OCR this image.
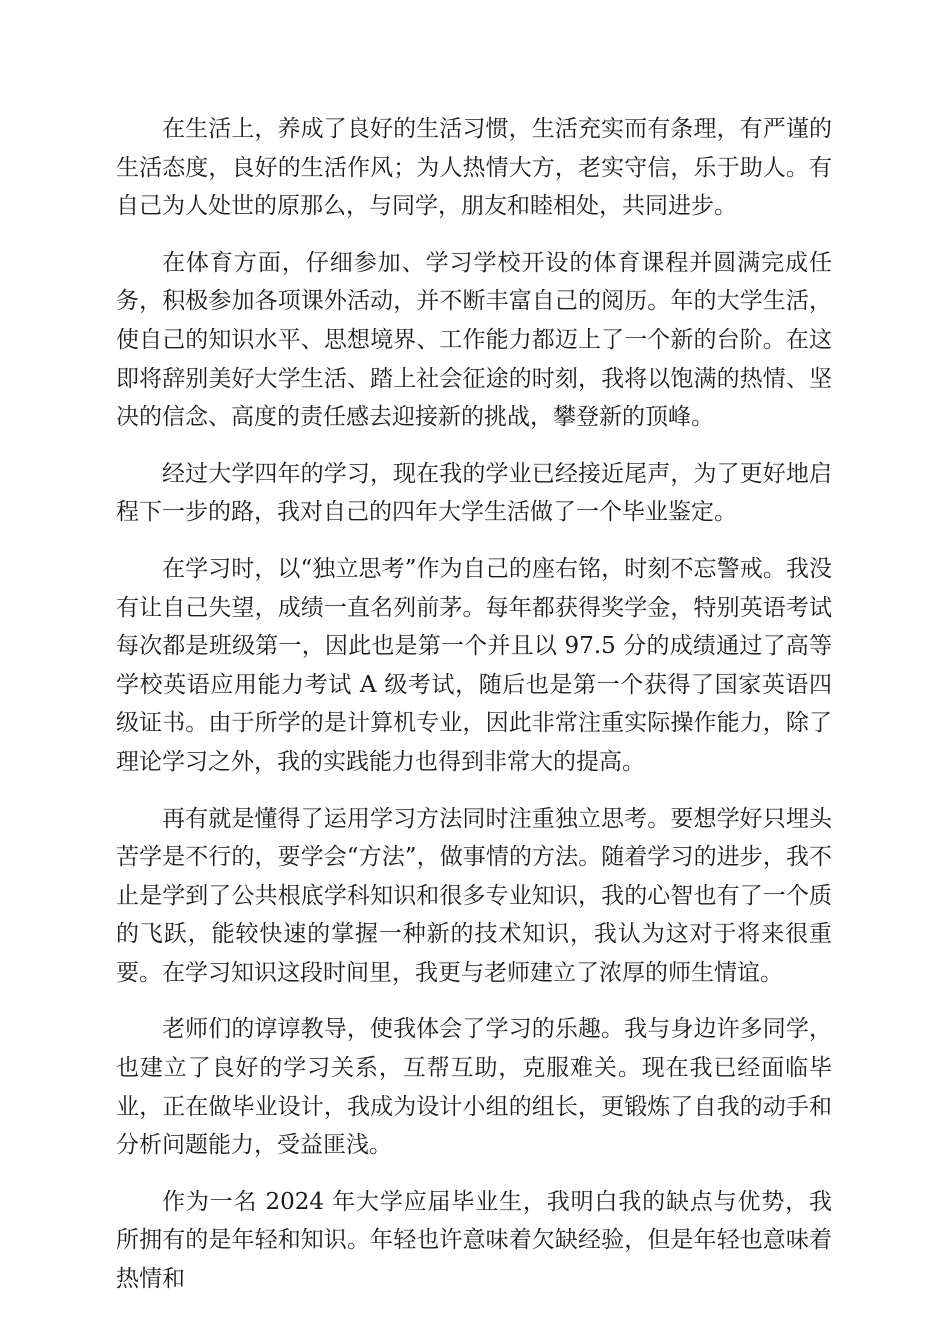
在生活上，养成了良好的生活习惯，生活充实而有条理，有严谨的生活态度，良好的生活作风；为人热情大方，老实守信，乐于助人。有自己为人处世的原那么，与同学，朋友和睦相处，共同进步。

在体育方面，仔细参加、学习学校开设的体育课程并圆满完成任务，积极参加各项课外活动，并不断丰富自己的阅历。年的大学生活，使自己的知识水平、思想境界、工作能力都迈上了一个新的台阶。在这即将辞别美好大学生活、踏上社会征途的时刻，我将以饱满的热情、坚决的信念、高度的责任感去迎接新的挑战，攀登新的顶峰。

经过大学四年的学习，现在我的学业已经接近尾声，为了更好地启程下一步的路，我对自己的四年大学生活做了一个毕业鉴定。

在学习时，以“独立思考”作为自己的座右铭，时刻不忘警戒。我没有让自己失望，成绩一直名列前茅。每年都获得奖学金，特别英语考试每次都是班级第一，因此也是第一个并且以 97.5 分的成绩通过了高等学校英语应用能力考试 A 级考试，随后也是第一个获得了国家英语四级证书。由于所学的是计算机专业，因此非常注重实际操作能力，除了理论学习之外，我的实践能力也得到非常大的提高。

再有就是懂得了运用学习方法同时注重独立思考。要想学好只埋头苦学是不行的，要学会“方法”，做事情的方法。随着学习的进步，我不止是学到了公共根底学科知识和很多专业知识，我的心智也有了一个质的飞跃，能较快速的掌握一种新的技术知识，我认为这对于将来很重要。在学习知识这段时间里，我更与老师建立了浓厚的师生情谊。

老师们的谆谆教导，使我体会了学习的乐趣。我与身边许多同学，也建立了良好的学习关系，互帮互助，克服难关。现在我已经面临毕业，正在做毕业设计，我成为设计小组的组长，更锻炼了自我的动手和分析问题能力，受益匪浅。

作为一名 2024 年大学应届毕业生，我明白我的缺点与优势，我所拥有的是年轻和知识。年轻也许意味着欠缺经验，但是年轻也意味着热情和
